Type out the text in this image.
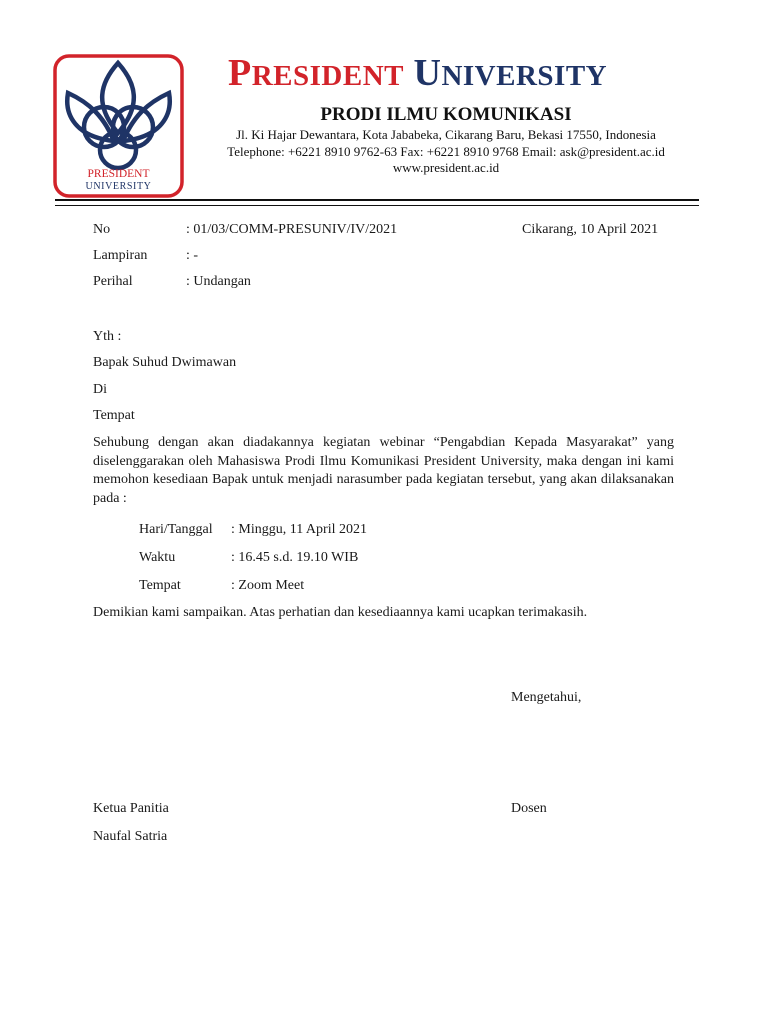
PRESIDENT
UNIVERSITY
PRESIDENT UNIVERSITY
PRODI ILMU KOMUNIKASI
Jl. Ki Hajar Dewantara, Kota Jababeka, Cikarang Baru, Bekasi 17550, Indonesia
Telephone: +6221 8910 9762-63 Fax: +6221 8910 9768 Email: ask@president.ac.id
www.president.ac.id
No	: 01/03/COMM-PRESUNIV/IV/2021	Cikarang, 10 April 2021
Lampiran	: -
Perihal	: Undangan
Yth :
Bapak Suhud Dwimawan
Di
Tempat
Sehubung dengan akan diadakannya kegiatan webinar “Pengabdian Kepada Masyarakat” yang diselenggarakan oleh Mahasiswa Prodi Ilmu Komunikasi President University, maka dengan ini kami memohon kesediaan Bapak untuk menjadi narasumber pada kegiatan tersebut, yang akan dilaksanakan pada :
Hari/Tanggal : Minggu, 11 April 2021
Waktu	: 16.45 s.d. 19.10 WIB
Tempat	: Zoom Meet
Demikian kami sampaikan. Atas perhatian dan kesediaannya kami ucapkan terimakasih.
Mengetahui,
Ketua Panitia	Dosen
Naufal Satria
